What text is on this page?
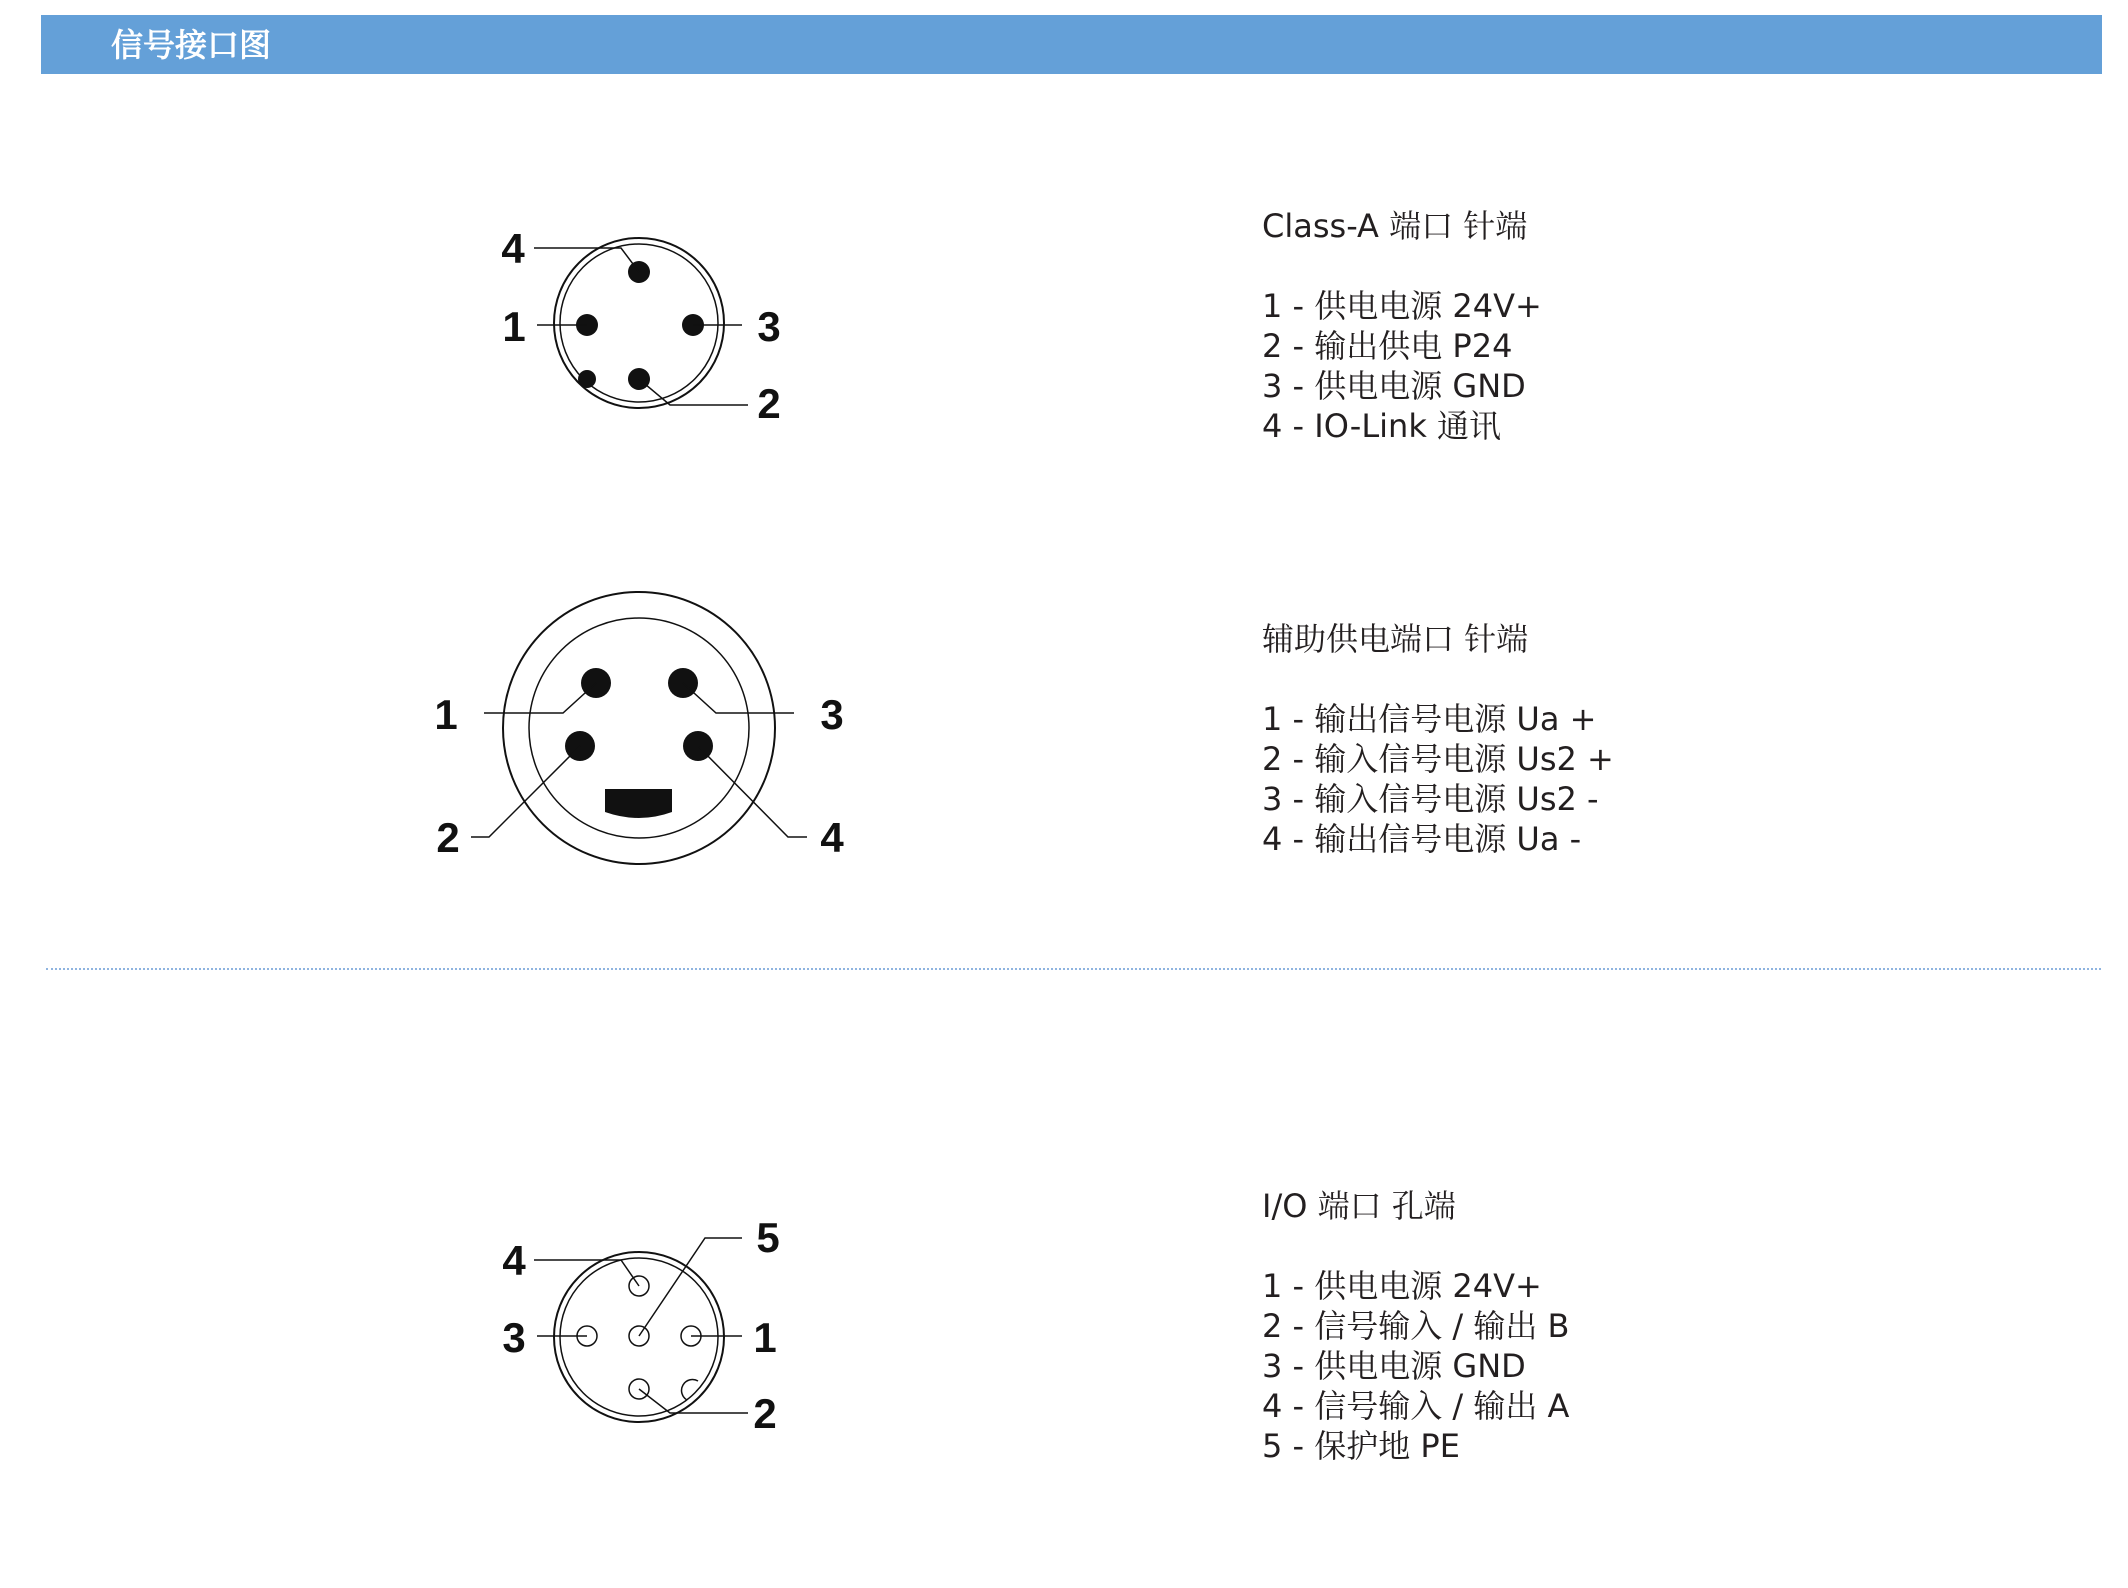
信号接口图
4
1	3
2
Class-A 端口 针端
1 - 供电电源 24V+
2 - 输出供电 P24
3 - 供电电源 GND
4 - IO-Link 通讯
1	3
2	4
辅助供电端口 针端
1 - 输出信号电源 Ua +
2 - 输入信号电源 Us2 +
3 - 输入信号电源 Us2 -
4 - 输出信号电源 Ua -
5
4
3	1
2
I/O 端口 孔端
1 - 供电电源 24V+
2 - 信号输入 / 输出 B
3 - 供电电源 GND
4 - 信号输入 / 输出 A
5 - 保护地 PE
